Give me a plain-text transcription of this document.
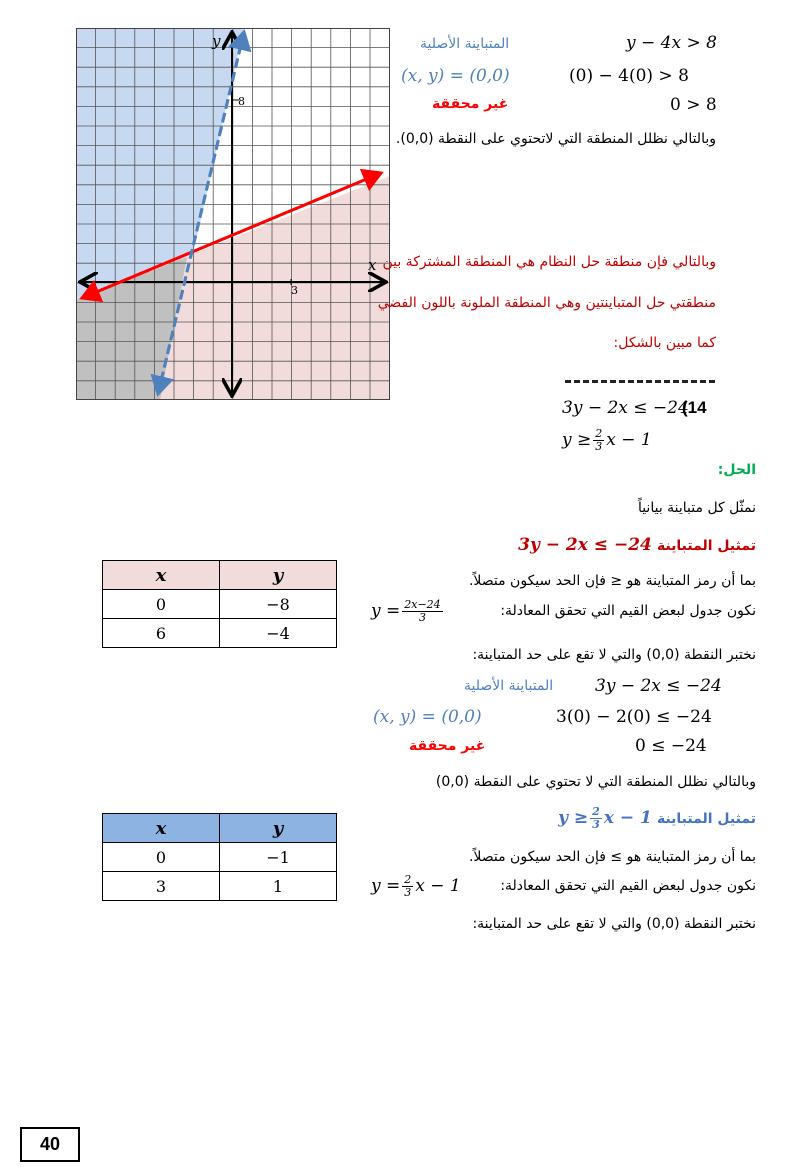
x
y
3
8
المتباينة الأصلية	y − 4x > 8
(x, y) = (0,0)	(0) − 4(0) > 8
غير محققة	0 > 8
وبالتالي نظلل المنطقة التي لاتحتوي على النقطة (0,0).
وبالتالي فإن منطقة حل النظام هي المنطقة المشتركة بين
منطقتي حل المتباينتين وهي المنطقة الملونة باللون الفضي
كما مبين بالشكل:
(14
3y − 2x ≤ −24
$y \ge \frac{2}{3}$ x − 1
الحل:
نمثّل كل متباينة بيانياً
تمثيل المتباينة 3y − 2x ≤ −24
بما أن رمز المتباينة هو ≤ فإن الحد سيكون متصلاً.
نكون جدول لبعض القيم التي تحقق المعادلة:
$y = \frac{2x-24}{3}$
نختبر النقطة (0,0) والتي لا تقع على حد المتباينة:
المتباينة الأصلية 3y − 2x ≤ −24
(x, y) = (0,0)	3(0) − 2(0) ≤ −24
غير محققة	0 ≤ −24
وبالتالي نظلل المنطقة التي لا تحتوي على النقطة (0,0)
تمثيل المتباينة $y \ge \frac{2}{3}$ x − 1
بما أن رمز المتباينة هو ≥ فإن الحد سيكون متصلاً.
نكون جدول لبعض القيم التي تحقق المعادلة:
$y = \frac{2}{3}$ x − 1
نختبر النقطة (0,0) والتي لا تقع على حد المتباينة:
x	y
0	−8
6	−4
x	y
0	−1
3	1
40
